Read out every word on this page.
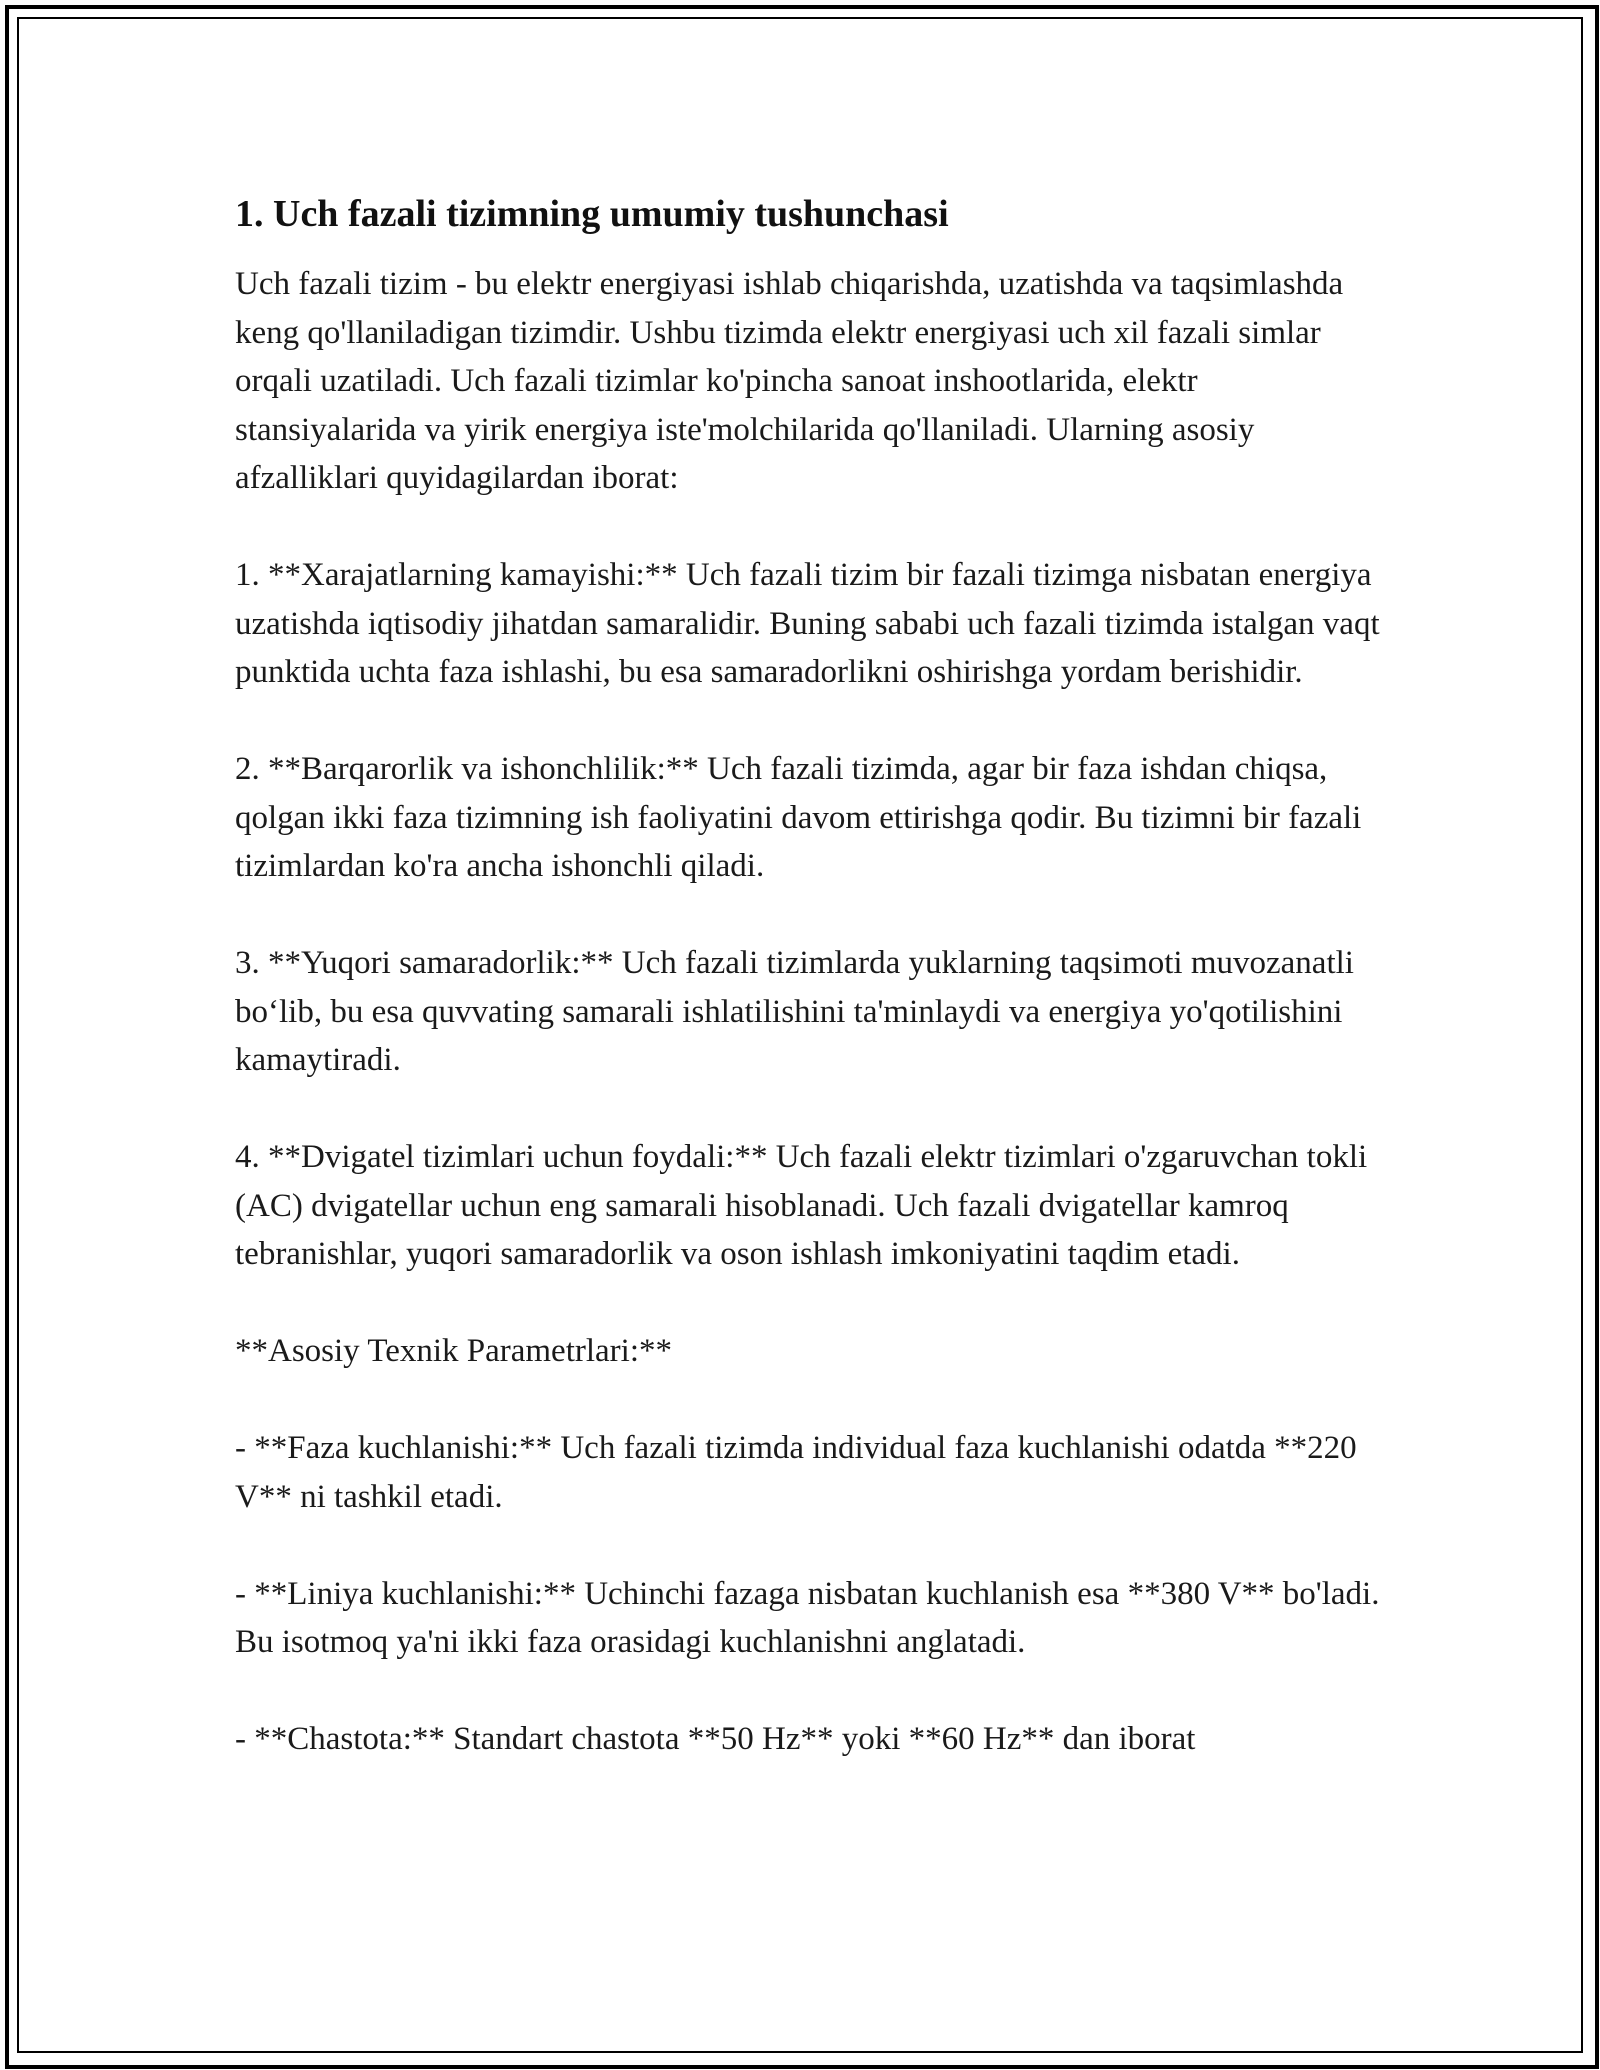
1. Uch fazali tizimning umumiy tushunchasi

Uch fazali tizim - bu elektr energiyasi ishlab chiqarishda, uzatishda va taqsimlashda keng qo'llaniladigan tizimdir. Ushbu tizimda elektr energiyasi uch xil fazali simlar orqali uzatiladi. Uch fazali tizimlar ko'pincha sanoat inshootlarida, elektr stansiyalarida va yirik energiya iste'molchilarida qo'llaniladi. Ularning asosiy afzalliklari quyidagilardan iborat:

1. **Xarajatlarning kamayishi:** Uch fazali tizim bir fazali tizimga nisbatan energiya uzatishda iqtisodiy jihatdan samaralidir. Buning sababi uch fazali tizimda istalgan vaqt punktida uchta faza ishlashi, bu esa samaradorlikni oshirishga yordam berishidir.

2. **Barqarorlik va ishonchlilik:** Uch fazali tizimda, agar bir faza ishdan chiqsa, qolgan ikki faza tizimning ish faoliyatini davom ettirishga qodir. Bu tizimni bir fazali tizimlardan ko'ra ancha ishonchli qiladi.

3. **Yuqori samaradorlik:** Uch fazali tizimlarda yuklarning taqsimoti muvozanatli bo‘lib, bu esa quvvating samarali ishlatilishini ta'minlaydi va energiya yo'qotilishini kamaytiradi.

4. **Dvigatel tizimlari uchun foydali:** Uch fazali elektr tizimlari o'zgaruvchan tokli (AC) dvigatellar uchun eng samarali hisoblanadi. Uch fazali dvigatellar kamroq tebranishlar, yuqori samaradorlik va oson ishlash imkoniyatini taqdim etadi.

**Asosiy Texnik Parametrlari:**

- **Faza kuchlanishi:** Uch fazali tizimda individual faza kuchlanishi odatda **220 V** ni tashkil etadi.

- **Liniya kuchlanishi:** Uchinchi fazaga nisbatan kuchlanish esa **380 V** bo'ladi. Bu isotmoq ya'ni ikki faza orasidagi kuchlanishni anglatadi.

- **Chastota:** Standart chastota **50 Hz** yoki **60 Hz** dan iborat
